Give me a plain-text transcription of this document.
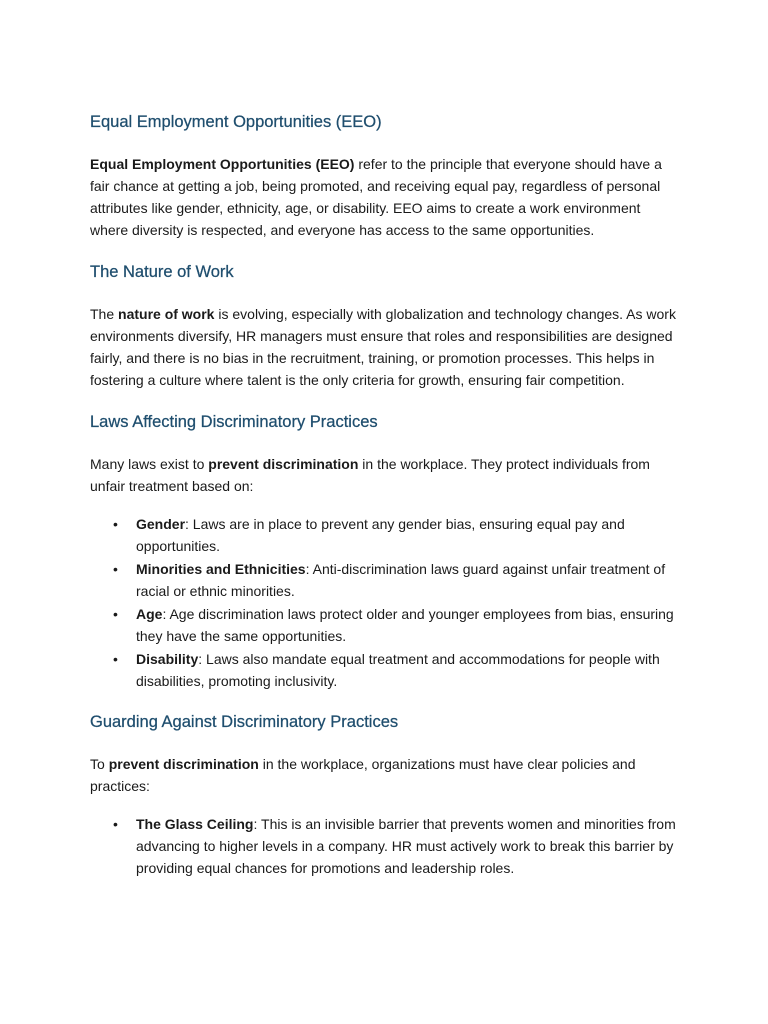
Equal Employment Opportunities (EEO)

Equal Employment Opportunities (EEO) refer to the principle that everyone should have a fair chance at getting a job, being promoted, and receiving equal pay, regardless of personal attributes like gender, ethnicity, age, or disability. EEO aims to create a work environment where diversity is respected, and everyone has access to the same opportunities.

The Nature of Work

The nature of work is evolving, especially with globalization and technology changes. As work environments diversify, HR managers must ensure that roles and responsibilities are designed fairly, and there is no bias in the recruitment, training, or promotion processes. This helps in fostering a culture where talent is the only criteria for growth, ensuring fair competition.

Laws Affecting Discriminatory Practices

Many laws exist to prevent discrimination in the workplace. They protect individuals from unfair treatment based on:

•	Gender: Laws are in place to prevent any gender bias, ensuring equal pay and opportunities.
•	Minorities and Ethnicities: Anti-discrimination laws guard against unfair treatment of racial or ethnic minorities.
•	Age: Age discrimination laws protect older and younger employees from bias, ensuring they have the same opportunities.
•	Disability: Laws also mandate equal treatment and accommodations for people with disabilities, promoting inclusivity.
Guarding Against Discriminatory Practices

To prevent discrimination in the workplace, organizations must have clear policies and practices:

•	The Glass Ceiling: This is an invisible barrier that prevents women and minorities from advancing to higher levels in a company. HR must actively work to break this barrier by providing equal chances for promotions and leadership roles.
